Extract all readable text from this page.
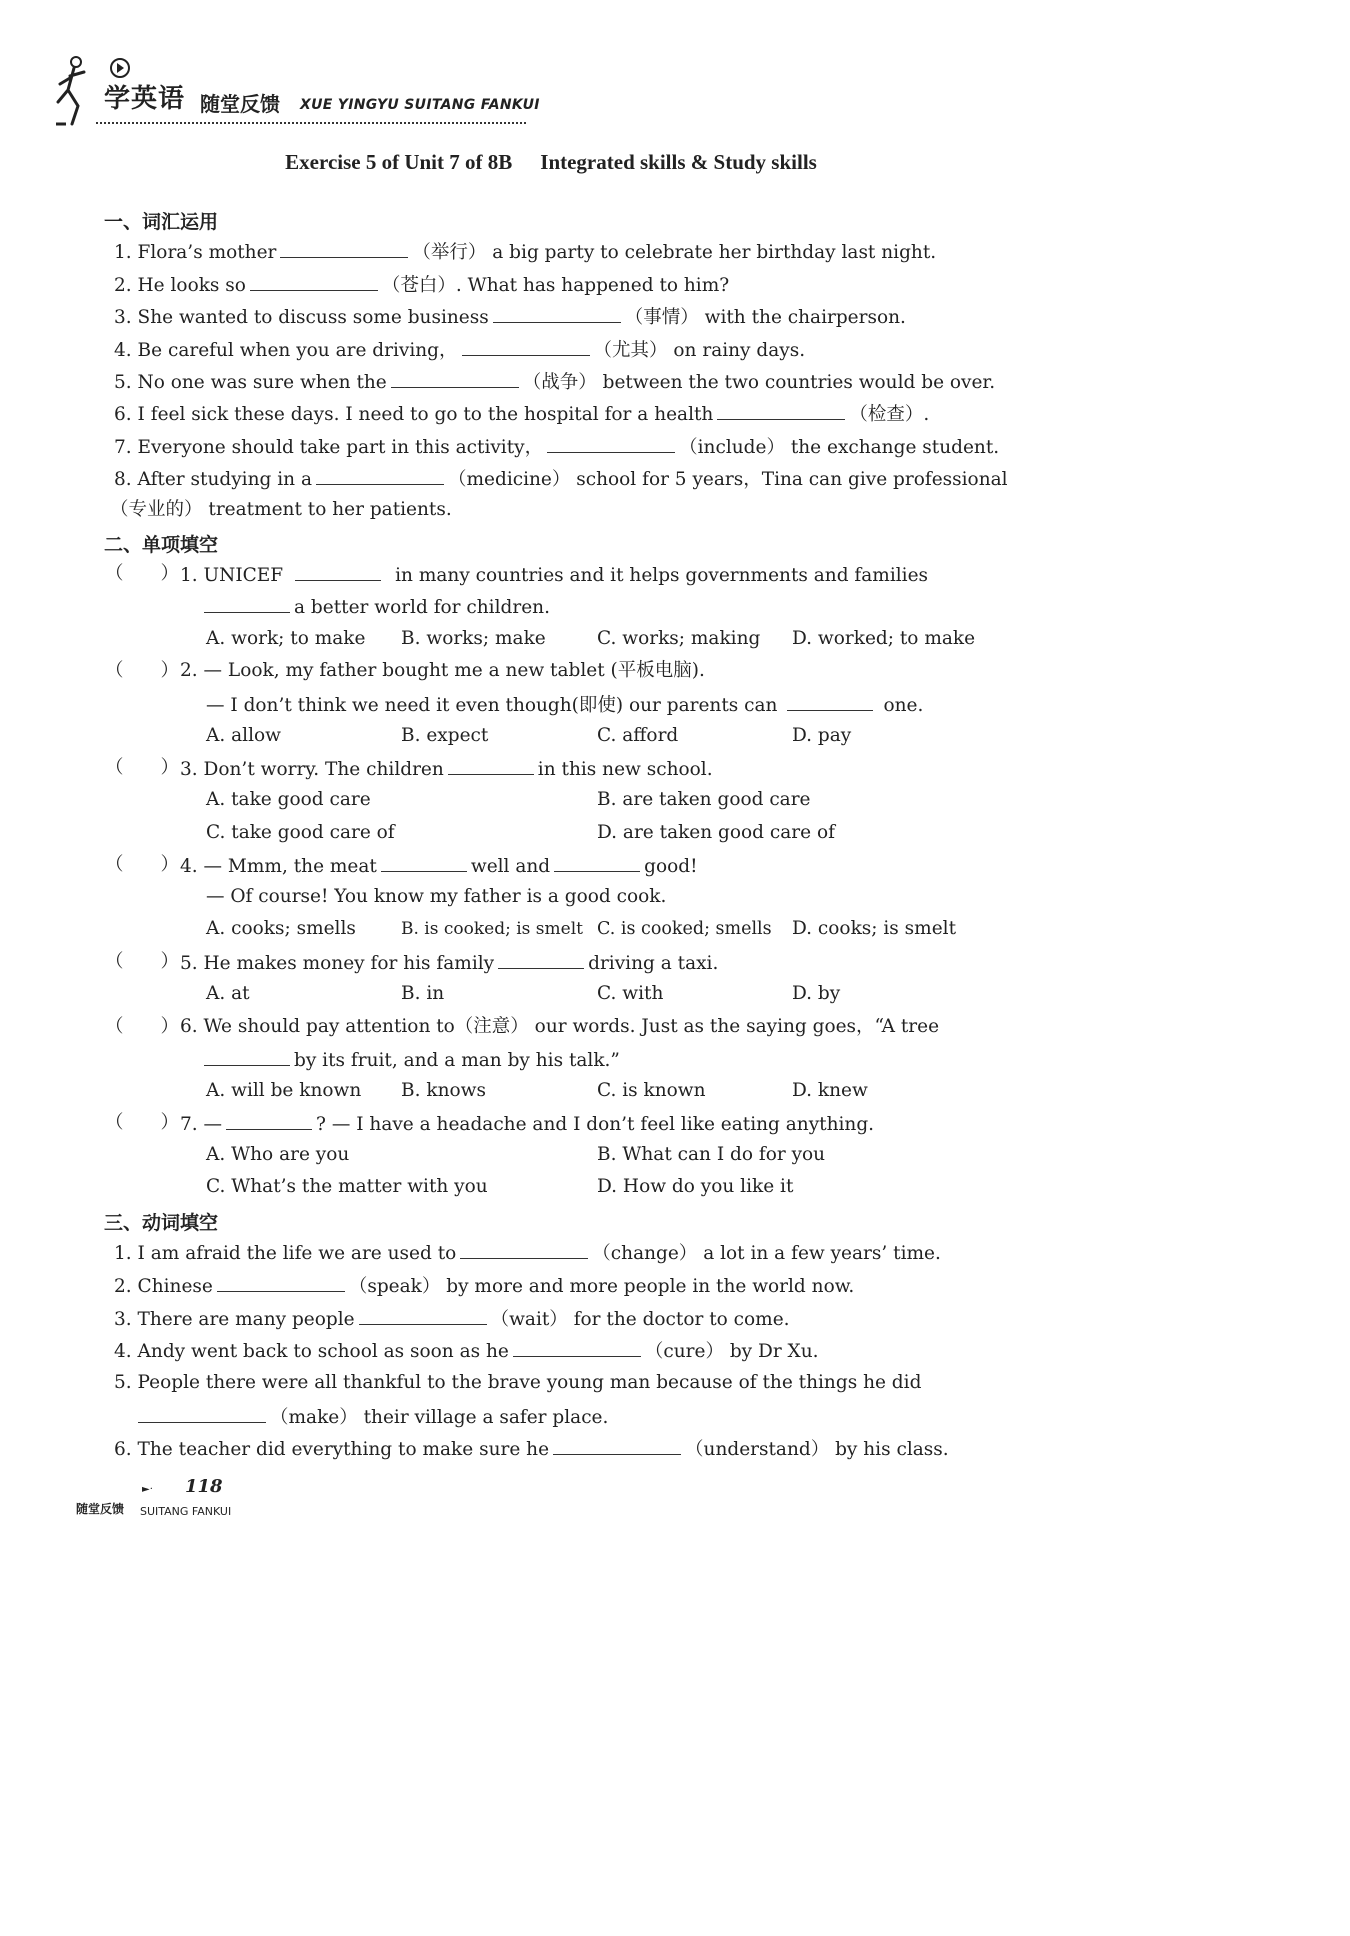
学英语 随堂反馈 XUE YINGYU SUITANG FANKUI
Exercise 5 of Unit 7 of 8B Integrated skills & Study skills
一、词汇运用
1. Flora’s mother	（举行） a big party to celebrate her birthday last night.
2. He looks so	（苍白）. What has happened to him?
3. She wanted to discuss some business	（事情） with the chairperson.
4. Be careful when you are driving，	（尤其） on rainy days.
5. No one was sure when the	（战争） between the two countries would be over.
6. I feel sick these days. I need to go to the hospital for a health	（检查）.
7. Everyone should take part in this activity，	（include） the exchange student.
8. After studying in a	（medicine） school for 5 years，Tina can give professional
（专业的） treatment to her patients.
二、单项填空
（　　） 1. UNICEF	in many countries and it helps governments and families
a better world for children.
A. work; to make B. works; make	C. works; making D. worked; to make
（　　） 2. — Look, my father bought me a new tablet (平板电脑).
— I don’t think we need it even though(即使) our parents can	one.
A. allow	B. expect	C. afford	D. pay
（　　） 3. Don’t worry. The children	in this new school.
A. take good care	B. are taken good care
C. take good care of	D. are taken good care of
（　　） 4. — Mmm, the meat	well and	good!
— Of course! You know my father is a good cook.
A. cooks; smells	B. is cooked; is smelt C. is cooked; smells D. cooks; is smelt
（　　） 5. He makes money for his family	driving a taxi.
A. at	B. in	C. with	D. by
（　　） 6. We should pay attention to（注意） our words. Just as the saying goes，“A tree
by its fruit, and a man by his talk.”
A. will be known B. knows	C. is known	D. knew
（　　） 7. —	? — I have a headache and I don’t feel like eating anything.
A. Who are you	B. What can I do for you
C. What’s the matter with you	D. How do you like it
三、动词填空
1. I am afraid the life we are used to	（change） a lot in a few years’ time.
2. Chinese	（speak） by more and more people in the world now.
3. There are many people	（wait） for the doctor to come.
4. Andy went back to school as soon as he	（cure） by Dr Xu.
5. People there were all thankful to the brave young man because of the things he did
（make） their village a safer place.
6. The teacher did everything to make sure he	（understand） by his class.
►· 118
随堂反馈 SUITANG FANKUI
